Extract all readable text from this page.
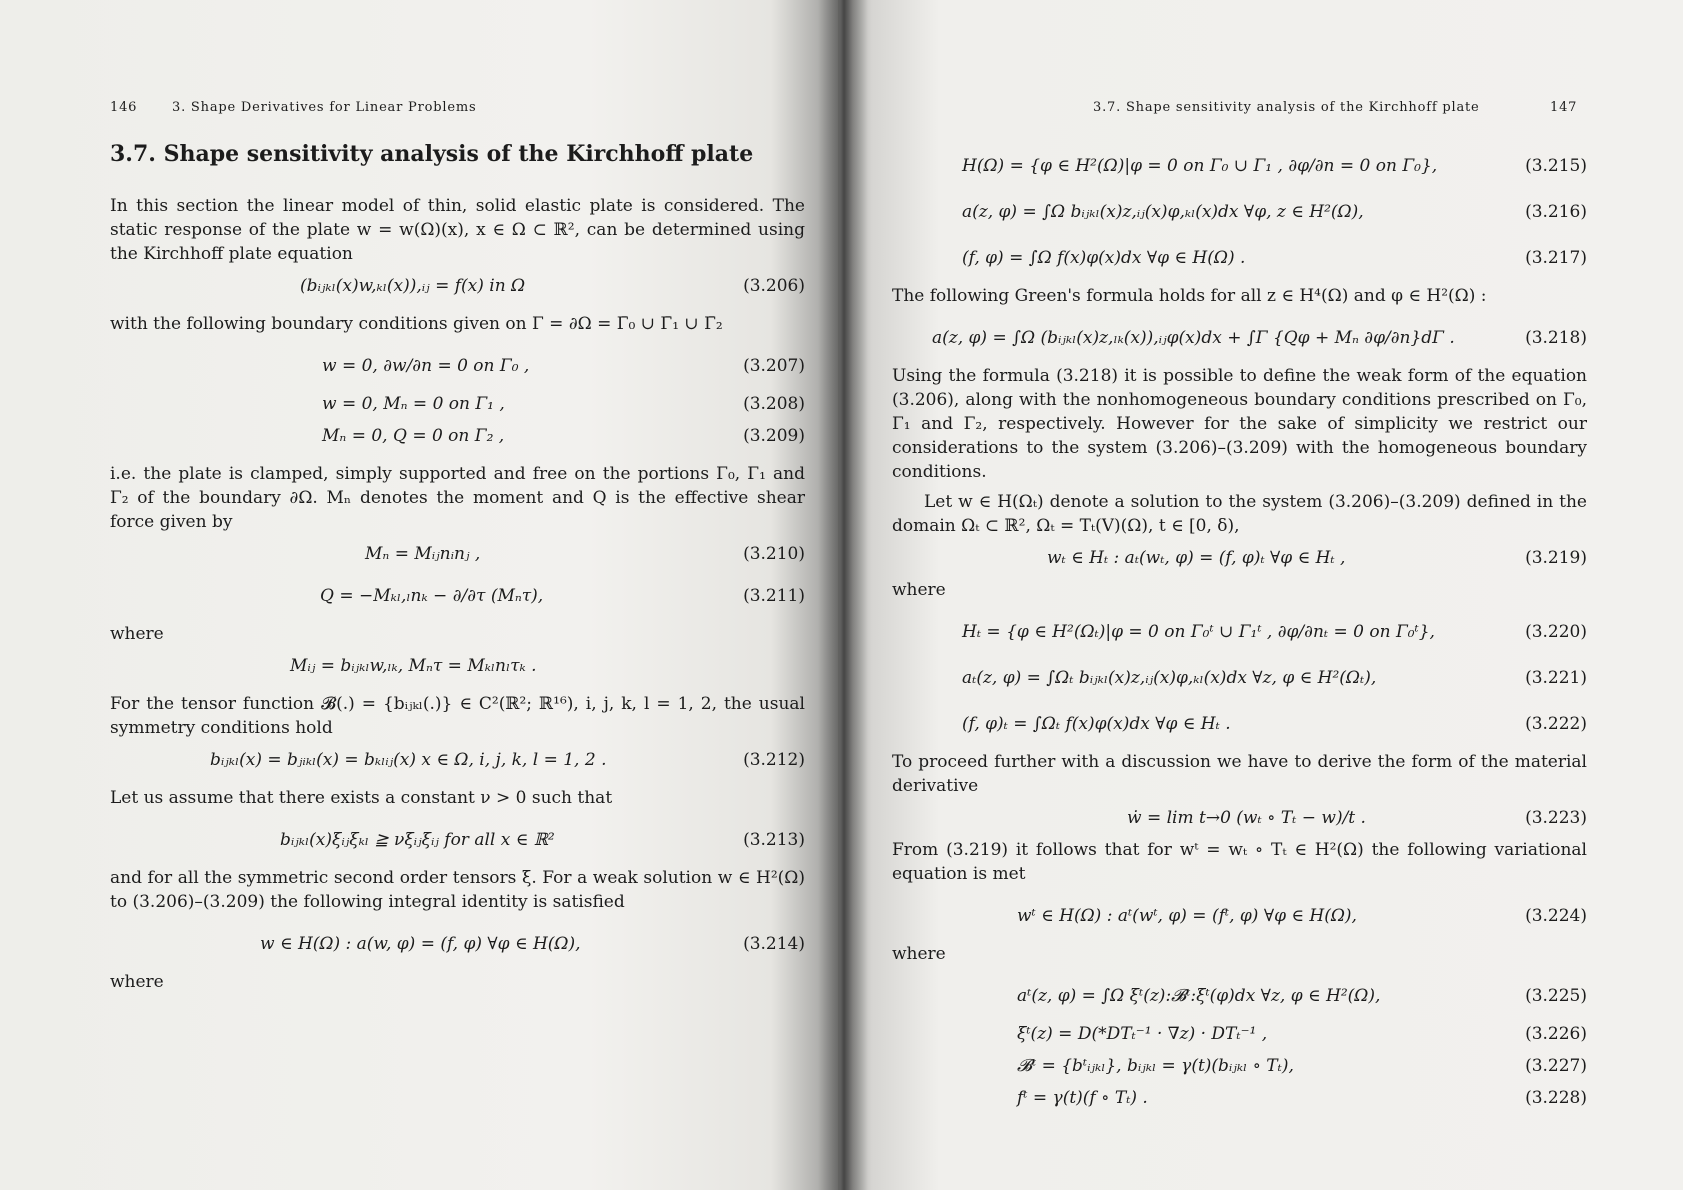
146	3. Shape Derivatives for Linear Problems
3.7. Shape sensitivity analysis of the Kirchhoff plate

In this section the linear model of thin, solid elastic plate is considered. The static response of the plate w = w(Ω)(x), x ∈ Ω ⊂ ℝ², can be determined using the Kirchhoff plate equation

(bᵢⱼₖₗ(x)w,ₖₗ(x)),ᵢⱼ = f(x) in Ω	(3.206)

with the following boundary conditions given on Γ = ∂Ω = Γ̄₀ ∪ Γ̄₁ ∪ Γ̄₂

w = 0, ∂w/∂n = 0 on Γ₀ ,	(3.207)
w = 0, Mₙ = 0 on Γ₁ ,	(3.208)
Mₙ = 0, Q = 0 on Γ₂ ,	(3.209)

i.e. the plate is clamped, simply supported and free on the portions Γ₀, Γ₁ and Γ₂ of the boundary ∂Ω. Mₙ denotes the moment and Q is the effective shear force given by

Mₙ = Mᵢⱼnᵢnⱼ ,	(3.210)
Q = −Mₖₗ,ₗnₖ − ∂/∂τ (Mₙτ),	(3.211)

where

Mᵢⱼ = bᵢⱼₖₗw,ₗₖ, Mₙτ = Mₖₗnₗτₖ .

For the tensor function 𝓑(.) = {bᵢⱼₖₗ(.)} ∈ C²(ℝ²; ℝ¹⁶), i, j, k, l = 1, 2, the usual symmetry conditions hold

bᵢⱼₖₗ(x) = bⱼᵢₖₗ(x) = bₖₗᵢⱼ(x) x ∈ Ω, i, j, k, l = 1, 2 .	(3.212)

Let us assume that there exists a constant ν > 0 such that

bᵢⱼₖₗ(x)ξᵢⱼξₖₗ ≧ νξᵢⱼξᵢⱼ for all x ∈ ℝ²	(3.213)

and for all the symmetric second order tensors ξ. For a weak solution w ∈ H²(Ω) to (3.206)–(3.209) the following integral identity is satisfied

w ∈ H(Ω) : a(w, φ) = (f, φ) ∀φ ∈ H(Ω),	(3.214)

where

3.7. Shape sensitivity analysis of the Kirchhoff plate	147
H(Ω) = {φ ∈ H²(Ω)|φ = 0 on Γ₀ ∪ Γ₁ , ∂φ/∂n = 0 on Γ₀},	(3.215)
a(z, φ) = ∫Ω bᵢⱼₖₗ(x)z,ᵢⱼ(x)φ,ₖₗ(x)dx ∀φ, z ∈ H²(Ω),	(3.216)
(f, φ) = ∫Ω f(x)φ(x)dx ∀φ ∈ H(Ω) .	(3.217)

The following Green's formula holds for all z ∈ H⁴(Ω) and φ ∈ H²(Ω) :

a(z, φ) = ∫Ω (bᵢⱼₖₗ(x)z,ₗₖ(x)),ᵢⱼφ(x)dx + ∫Γ {Qφ + Mₙ ∂φ/∂n}dΓ .	(3.218)

Using the formula (3.218) it is possible to define the weak form of the equation (3.206), along with the nonhomogeneous boundary conditions prescribed on Γ₀, Γ₁ and Γ₂, respectively. However for the sake of simplicity we restrict our considerations to the system (3.206)–(3.209) with the homogeneous boundary conditions.

Let w ∈ H(Ωₜ) denote a solution to the system (3.206)–(3.209) defined in the domain Ωₜ ⊂ ℝ², Ωₜ = Tₜ(V)(Ω), t ∈ [0, δ),

wₜ ∈ Hₜ : aₜ(wₜ, φ) = (f, φ)ₜ ∀φ ∈ Hₜ ,	(3.219)

where

Hₜ = {φ ∈ H²(Ωₜ)|φ = 0 on Γ₀ᵗ ∪ Γ₁ᵗ , ∂φ/∂nₜ = 0 on Γ₀ᵗ},	(3.220)
aₜ(z, φ) = ∫Ωₜ bᵢⱼₖₗ(x)z,ᵢⱼ(x)φ,ₖₗ(x)dx ∀z, φ ∈ H²(Ωₜ),	(3.221)
(f, φ)ₜ = ∫Ωₜ f(x)φ(x)dx ∀φ ∈ Hₜ .	(3.222)

To proceed further with a discussion we have to derive the form of the material derivative

ẇ = lim t→0 (wₜ ∘ Tₜ − w)/t .	(3.223)

From (3.219) it follows that for wᵗ = wₜ ∘ Tₜ ∈ H²(Ω) the following variational equation is met

wᵗ ∈ H(Ω) : aᵗ(wᵗ, φ) = (fᵗ, φ) ∀φ ∈ H(Ω),	(3.224)

where

aᵗ(z, φ) = ∫Ω ξᵗ(z):𝓑ᵗ:ξᵗ(φ)dx ∀z, φ ∈ H²(Ω),	(3.225)
ξᵗ(z) = D(*DTₜ⁻¹ · ∇z) · DTₜ⁻¹ ,	(3.226)
𝓑ᵗ = {bᵗᵢⱼₖₗ}, bᵢⱼₖₗ = γ(t)(bᵢⱼₖₗ ∘ Tₜ),	(3.227)
fᵗ = γ(t)(f ∘ Tₜ) .	(3.228)
